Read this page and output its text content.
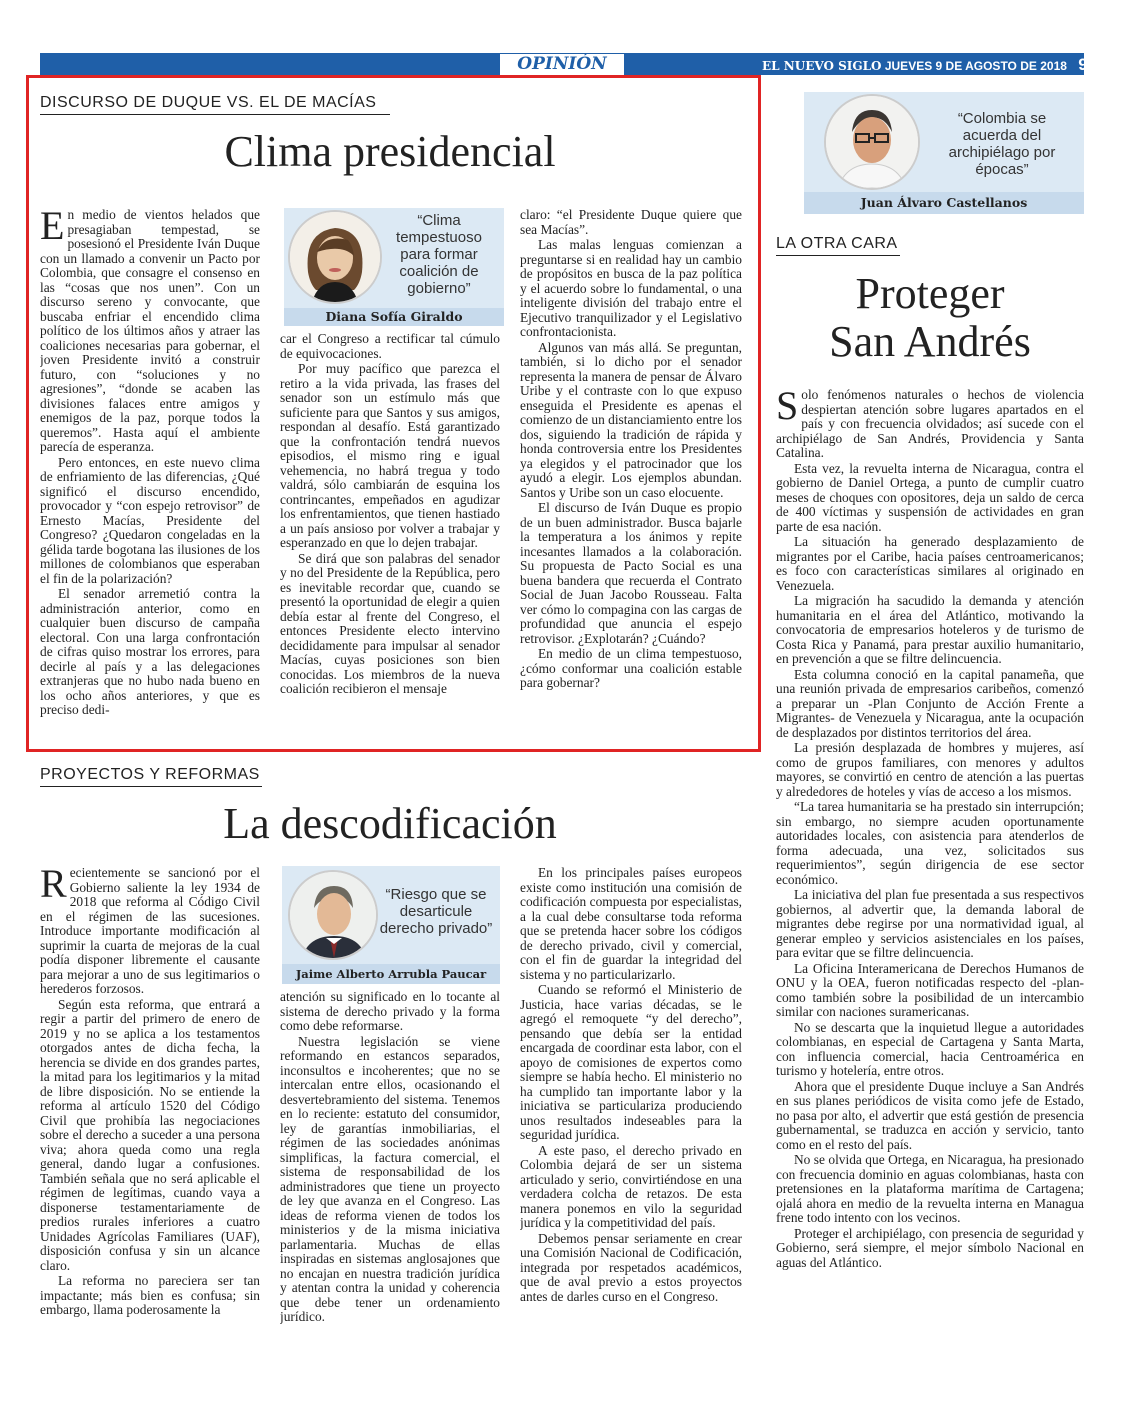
OPINIÓN	EL NUEVO SIGLO JUEVES 9 DE AGOSTO DE 2018 9A
DISCURSO DE DUQUE VS. EL DE MACÍAS
Clima presidencial

En medio de vientos helados que presagiaban tempestad, se posesionó el Presidente Iván Duque con un llamado a convenir un Pacto por Colombia, que consagre el consenso en las “cosas que nos unen”. Con un discurso sereno y convocante, que buscaba enfriar el encendido clima político de los últimos años y atraer las coaliciones necesarias para gobernar, el joven Presidente invitó a construir futuro, con “soluciones y no agresiones”, “donde se acaben las divisiones falaces entre amigos y enemigos de la paz, porque todos la queremos”. Hasta aquí el ambiente parecía de esperanza.

Pero entonces, en este nuevo clima de enfriamiento de las diferencias, ¿Qué significó el discurso encendido, provocador y “con espejo retrovisor” de Ernesto Macías, Presidente del Congreso? ¿Quedaron congeladas en la gélida tarde bogotana las ilusiones de los millones de colombianos que esperaban el fin de la polarización?

El senador arremetió contra la administración anterior, como en cualquier buen discurso de campaña electoral. Con una larga confrontación de cifras quiso mostrar los errores, para decirle al país y a las delegaciones extranjeras que no hubo nada bueno en los ocho años anteriores, y que es preciso dedi-

“Clima tempestuoso para formar coalición de gobierno”
Diana Sofía Giraldo

car el Congreso a rectificar tal cúmulo de equivocaciones.

Por muy pacífico que parezca el retiro a la vida privada, las frases del senador son un estímulo más que suficiente para que Santos y sus amigos, respondan al desafío. Está garantizado que la confrontación tendrá nuevos episodios, el mismo ring e igual vehemencia, no habrá tregua y todo valdrá, sólo cambiarán de esquina los contrincantes, empeñados en agudizar los enfrentamientos, que tienen hastiado a un país ansioso por volver a trabajar y esperanzado en que lo dejen trabajar.

Se dirá que son palabras del senador y no del Presidente de la República, pero es inevitable recordar que, cuando se presentó la oportunidad de elegir a quien debía estar al frente del Congreso, el entonces Presidente electo intervino decididamente para impulsar al senador Macías, cuyas posiciones son bien conocidas. Los miembros de la nueva coalición recibieron el mensaje

claro: “el Presidente Duque quiere que sea Macías”.

Las malas lenguas comienzan a preguntarse si en realidad hay un cambio de propósitos en busca de la paz política y el acuerdo sobre lo fundamental, o una inteligente división del trabajo entre el Ejecutivo tranquilizador y el Legislativo confrontacionista.

Algunos van más allá. Se preguntan, también, si lo dicho por el senador representa la manera de pensar de Álvaro Uribe y el contraste con lo que expuso enseguida el Presidente es apenas el comienzo de un distanciamiento entre los dos, siguiendo la tradición de rápida y honda controversia entre los Presidentes ya elegidos y el patrocinador que los ayudó a elegir. Los ejemplos abundan. Santos y Uribe son un caso elocuente.

El discurso de Iván Duque es propio de un buen administrador. Busca bajarle la temperatura a los ánimos y repite incesantes llamados a la colaboración. Su propuesta de Pacto Social es una buena bandera que recuerda el Contrato Social de Juan Jacobo Rousseau. Falta ver cómo lo compagina con las cargas de profundidad que anuncia el espejo retrovisor. ¿Explotarán? ¿Cuándo?

En medio de un clima tempestuoso, ¿cómo conformar una coalición estable para gobernar?

PROYECTOS Y REFORMAS
La descodificación

Recientemente se sancionó por el Gobierno saliente la ley 1934 de 2018 que reforma al Código Civil en el régimen de las sucesiones. Introduce importante modificación al suprimir la cuarta de mejoras de la cual podía disponer libremente el causante para mejorar a uno de sus legitimarios o herederos forzosos.

Según esta reforma, que entrará a regir a partir del primero de enero de 2019 y no se aplica a los testamentos otorgados antes de dicha fecha, la herencia se divide en dos grandes partes, la mitad para los legitimarios y la mitad de libre disposición. No se entiende la reforma al artículo 1520 del Código Civil que prohibía las negociaciones sobre el derecho a suceder a una persona viva; ahora queda como una regla general, dando lugar a confusiones. También señala que no será aplicable el régimen de legítimas, cuando vaya a disponerse testamentariamente de predios rurales inferiores a cuatro Unidades Agrícolas Familiares (UAF), disposición confusa y sin un alcance claro.

La reforma no pareciera ser tan impactante; más bien es confusa; sin embargo, llama poderosamente la

“Riesgo que se desarticule derecho privado”
Jaime Alberto Arrubla Paucar

atención su significado en lo tocante al sistema de derecho privado y la forma como debe reformarse.

Nuestra legislación se viene reformando en estancos separados, inconsultos e incoherentes; que no se intercalan entre ellos, ocasionando el desvertebramiento del sistema. Tenemos en lo reciente: estatuto del consumidor, ley de garantías inmobiliarias, el régimen de las sociedades anónimas simplificas, la factura comercial, el sistema de responsabilidad de los administradores que tiene un proyecto de ley que avanza en el Congreso. Las ideas de reforma vienen de todos los ministerios y de la misma iniciativa parlamentaria. Muchas de ellas inspiradas en sistemas anglosajones que no encajan en nuestra tradición jurídica y atentan contra la unidad y coherencia que debe tener un ordenamiento jurídico.

En los principales países europeos existe como institución una comisión de codificación compuesta por especialistas, a la cual debe consultarse toda reforma que se pretenda hacer sobre los códigos de derecho privado, civil y comercial, con el fin de guardar la integridad del sistema y no particularizarlo.

Cuando se reformó el Ministerio de Justicia, hace varias décadas, se le agregó el remoquete “y del derecho”, pensando que debía ser la entidad encargada de coordinar esta labor, con el apoyo de comisiones de expertos como siempre se había hecho. El ministerio no ha cumplido tan importante labor y la iniciativa se particulariza produciendo unos resultados indeseables para la seguridad jurídica.

A este paso, el derecho privado en Colombia dejará de ser un sistema articulado y serio, convirtiéndose en una verdadera colcha de retazos. De esta manera ponemos en vilo la seguridad jurídica y la competitividad del país.

Debemos pensar seriamente en crear una Comisión Nacional de Codificación, integrada por respetados académicos, que de aval previo a estos proyectos antes de darles curso en el Congreso.

“Colombia se acuerda del archipiélago por épocas”
Juan Álvaro Castellanos
LA OTRA CARA
Proteger
San Andrés

Solo fenómenos naturales o hechos de violencia despiertan atención sobre lugares apartados en el país y con frecuencia olvidados; así sucede con el archipiélago de San Andrés, Providencia y Santa Catalina.

Esta vez, la revuelta interna de Nicaragua, contra el gobierno de Daniel Ortega, a punto de cumplir cuatro meses de choques con opositores, deja un saldo de cerca de 400 víctimas y suspensión de actividades en gran parte de esa nación.

La situación ha generado desplazamiento de migrantes por el Caribe, hacia países centroamericanos; es foco con características similares al originado en Venezuela.

La migración ha sacudido la demanda y atención humanitaria en el área del Atlántico, motivando la convocatoria de empresarios hoteleros y de turismo de Costa Rica y Panamá, para prestar auxilio humanitario, en prevención a que se filtre delincuencia.

Esta columna conoció en la capital panameña, que una reunión privada de empresarios caribeños, comenzó a preparar un -Plan Conjunto de Acción Frente a Migrantes- de Venezuela y Nicaragua, ante la ocupación de desplazados por distintos territorios del área.

La presión desplazada de hombres y mujeres, así como de grupos familiares, con menores y adultos mayores, se convirtió en centro de atención a las puertas y alrededores de hoteles y vías de acceso a los mismos.

“La tarea humanitaria se ha prestado sin interrupción; sin embargo, no siempre acuden oportunamente autoridades locales, con asistencia para atenderlos de forma adecuada, una vez, solicitados sus requerimientos”, según dirigencia de ese sector económico.

La iniciativa del plan fue presentada a sus respectivos gobiernos, al advertir que, la demanda laboral de migrantes debe regirse por una normatividad igual, al generar empleo y servicios asistenciales en los países, para evitar que se filtre delincuencia.

La Oficina Interamericana de Derechos Humanos de ONU y la OEA, fueron notificadas respecto del -plan- como también sobre la posibilidad de un intercambio similar con naciones suramericanas.

No se descarta que la inquietud llegue a autoridades colombianas, en especial de Cartagena y Santa Marta, con influencia comercial, hacia Centroamérica en turismo y hotelería, entre otros.

Ahora que el presidente Duque incluye a San Andrés en sus planes periódicos de visita como jefe de Estado, no pasa por alto, el advertir que está gestión de presencia gubernamental, se traduzca en acción y servicio, tanto como en el resto del país.

No se olvida que Ortega, en Nicaragua, ha presionado con frecuencia dominio en aguas colombianas, hasta con pretensiones en la plataforma marítima de Cartagena; ojalá ahora en medio de la revuelta interna en Managua frene todo intento con los vecinos.

Proteger el archipiélago, con presencia de seguridad y Gobierno, será siempre, el mejor símbolo Nacional en aguas del Atlántico.
